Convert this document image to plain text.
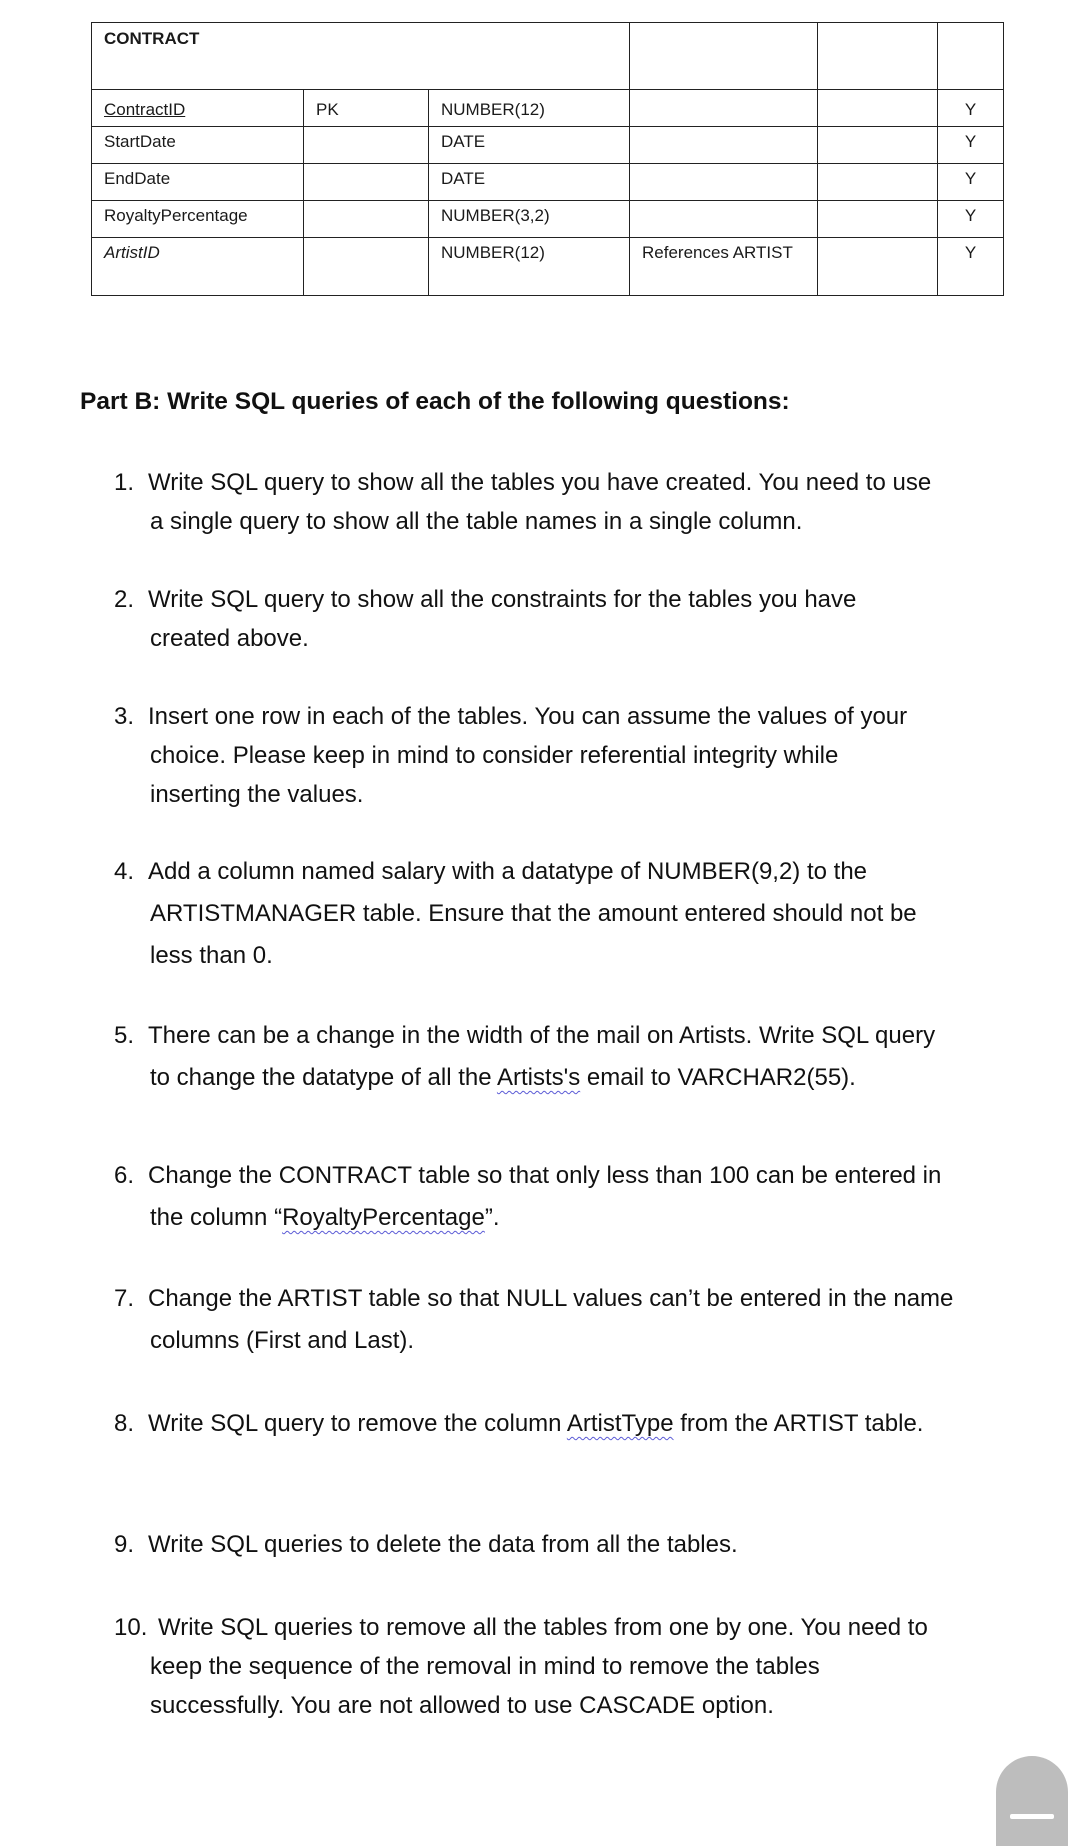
CONTRACT					
ContractID	PK	NUMBER(12)			Y
StartDate		DATE			Y
EndDate		DATE			Y
RoyaltyPercentage		NUMBER(3,2)			Y
ArtistID		NUMBER(12)	References ARTIST		Y
Part B: Write SQL queries of each of the following questions:
1. Write SQL query to show all the tables you have created. You need to use
a single query to show all the table names in a single column.
2. Write SQL query to show all the constraints for the tables you have
created above.
3. Insert one row in each of the tables. You can assume the values of your
choice. Please keep in mind to consider referential integrity while
inserting the values.
4. Add a column named salary with a datatype of NUMBER(9,2) to the
ARTISTMANAGER table. Ensure that the amount entered should not be
less than 0.
5. There can be a change in the width of the mail on Artists. Write SQL query
to change the datatype of all the Artists's email to VARCHAR2(55).
6. Change the CONTRACT table so that only less than 100 can be entered in
the column “RoyaltyPercentage”.
7. Change the ARTIST table so that NULL values can’t be entered in the name
columns (First and Last).
8. Write SQL query to remove the column ArtistType from the ARTIST table.
9. Write SQL queries to delete the data from all the tables.
10. Write SQL queries to remove all the tables from one by one. You need to
keep the sequence of the removal in mind to remove the tables
successfully. You are not allowed to use CASCADE option.
